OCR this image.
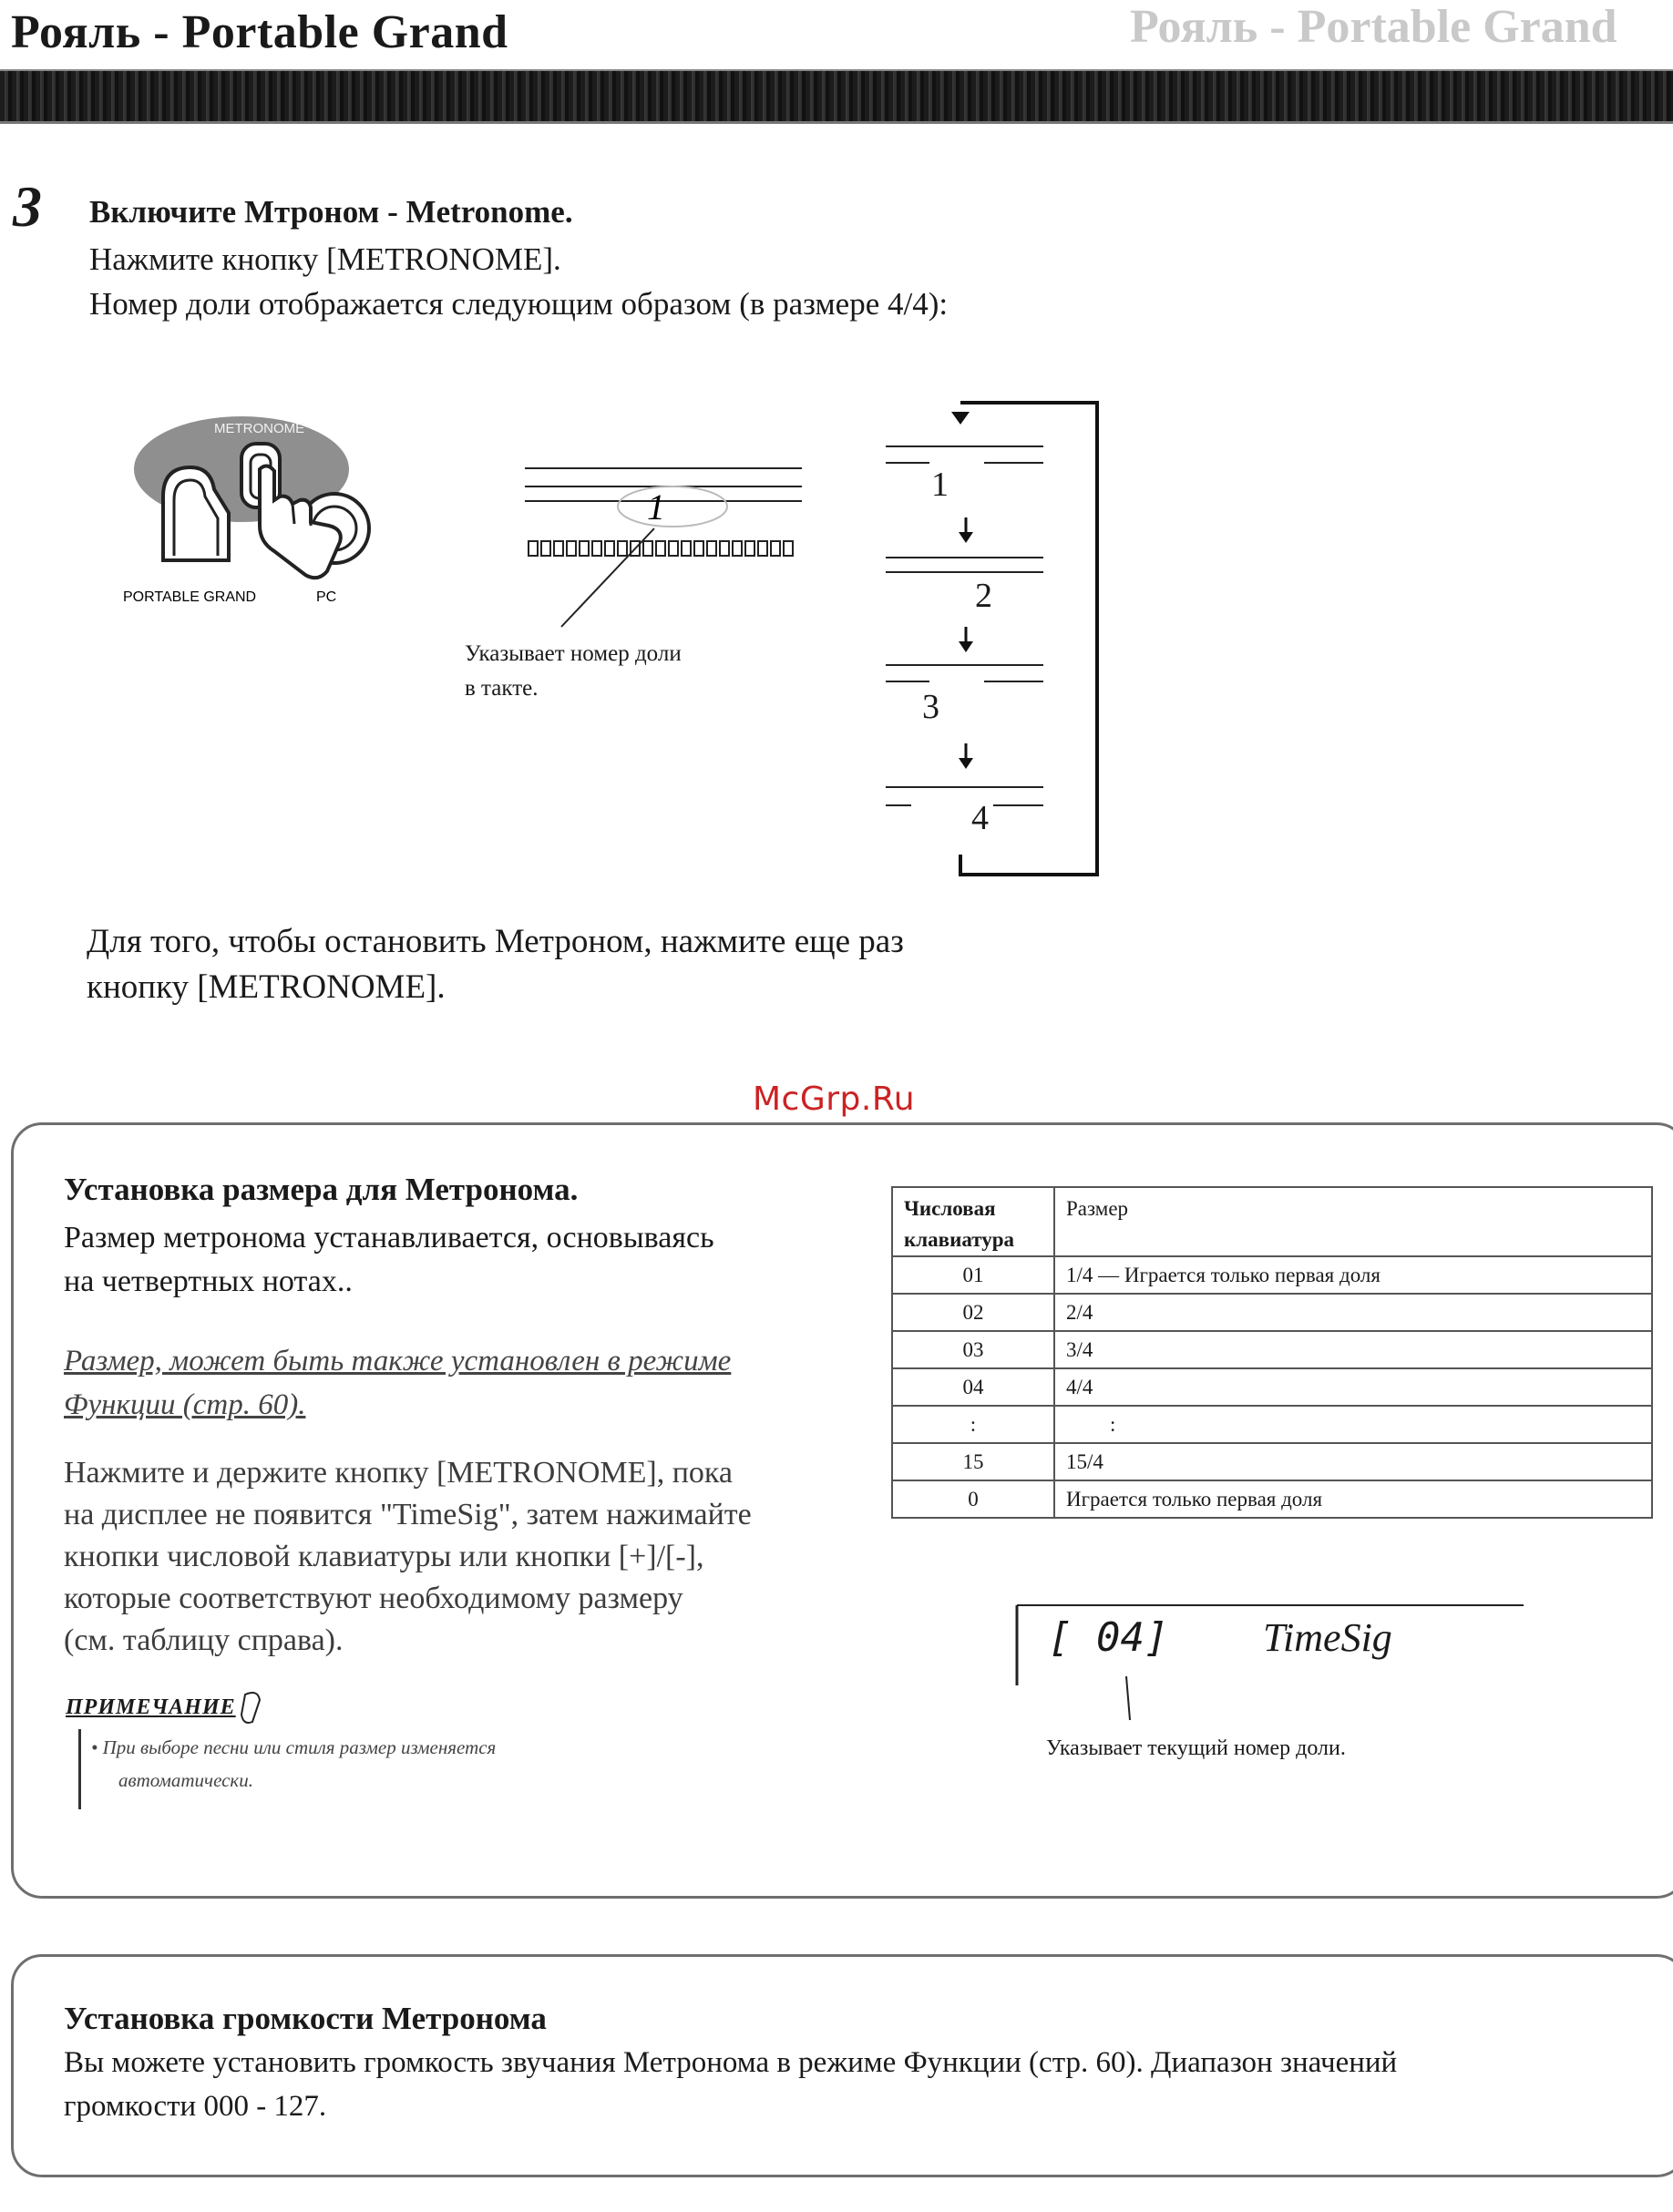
Рояль - Portable Grand
Рояль - Portable Grand
3 Включите Мтроном - Metronome.
Нажмите кнопку [METRONOME].
Номер доли отображается следующим образом (в размере 4/4):
METRONOME
PORTABLE GRAND	PC
1
Указывает номер доли
в такте.
1
2
3
4
Для того, чтобы остановить Метроном, нажмите еще раз
кнопку [METRONOME].
McGrp.Ru
Установка размера для Метронома.
Размер метронома устанавливается, основываясь
на четвертных нотах..
Размер, может быть также установлен в режиме
Функции (стр. 60).
Нажмите и держите кнопку [METRONOME], пока
на дисплее не появится "TimeSig", затем нажимайте
кнопки числовой клавиатуры или кнопки [+]/[-],
которые соответствуют необходимому размеру
(см. таблицу справа).
ПРИМЕЧАНИЕ
• При выборе песни или стиля размер изменяется
автоматически.
Числовая
клавиатура	Размер
01	1/4 — Играется только первая доля
02	2/4
03	3/4
04	4/4
:	:
15	15/4
0	Играется только первая доля
[ 04] TimeSig
Указывает текущий номер доли.
Установка громкости Метронома
Вы можете установить громкость звучания Метронома в режиме Функции (стр. 60). Диапазон значений
громкости 000 - 127.
